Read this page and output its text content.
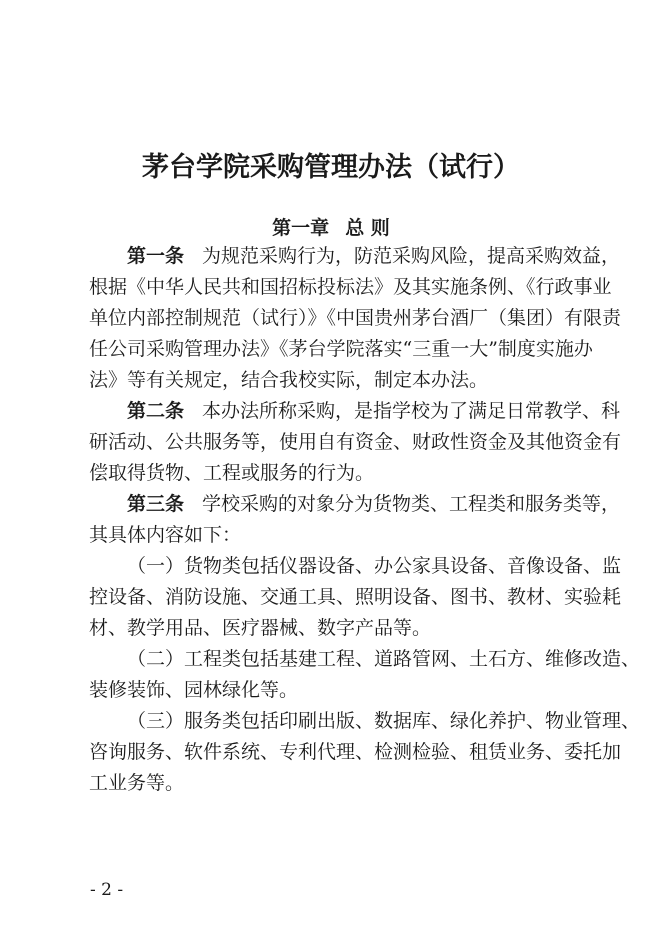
茅台学院采购管理办法（试行）
第一章 总 则
第一条 为规范采购行为，防范采购风险，提高采购效益，
根据《中华人民共和国招标投标法》及其实施条例、《行政事业
单位内部控制规范（试行）》《中国贵州茅台酒厂（集团）有限责
任公司采购管理办法》《茅台学院落实“三重一大”制度实施办
法》等有关规定，结合我校实际，制定本办法。
第二条 本办法所称采购，是指学校为了满足日常教学、科
研活动、公共服务等，使用自有资金、财政性资金及其他资金有
偿取得货物、工程或服务的行为。
第三条 学校采购的对象分为货物类、工程类和服务类等，
其具体内容如下：
（一）货物类包括仪器设备、办公家具设备、音像设备、监
控设备、消防设施、交通工具、照明设备、图书、教材、实验耗
材、教学用品、医疗器械、数字产品等。
（二）工程类包括基建工程、道路管网、土石方、维修改造、
装修装饰、园林绿化等。
（三）服务类包括印刷出版、数据库、绿化养护、物业管理、
咨询服务、软件系统、专利代理、检测检验、租赁业务、委托加
工业务等。
- 2 -
